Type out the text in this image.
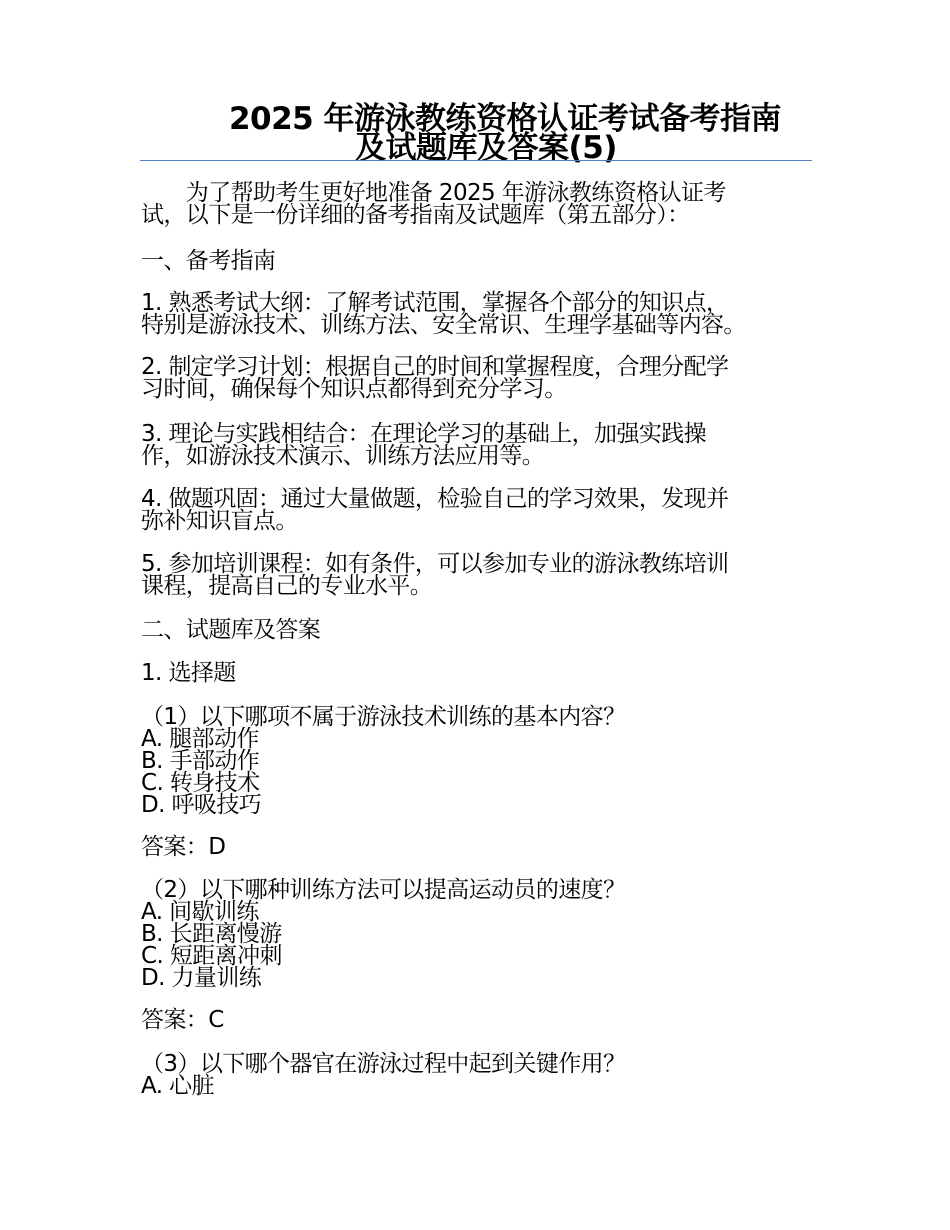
2025 年游泳教练资格认证考试备考指南
及试题库及答案(5)
　　为了帮助考生更好地准备 2025 年游泳教练资格认证考
试，以下是一份详细的备考指南及试题库（第五部分）：
一、备考指南
1. 熟悉考试大纲：了解考试范围，掌握各个部分的知识点，
特别是游泳技术、训练方法、安全常识、生理学基础等内容。
2. 制定学习计划：根据自己的时间和掌握程度，合理分配学
习时间，确保每个知识点都得到充分学习。
3. 理论与实践相结合：在理论学习的基础上，加强实践操
作，如游泳技术演示、训练方法应用等。
4. 做题巩固：通过大量做题，检验自己的学习效果，发现并
弥补知识盲点。
5. 参加培训课程：如有条件，可以参加专业的游泳教练培训
课程，提高自己的专业水平。
二、试题库及答案
1. 选择题
（1）以下哪项不属于游泳技术训练的基本内容？
A. 腿部动作
B. 手部动作
C. 转身技术
D. 呼吸技巧
答案：D
（2）以下哪种训练方法可以提高运动员的速度？
A. 间歇训练
B. 长距离慢游
C. 短距离冲刺
D. 力量训练
答案：C
（3）以下哪个器官在游泳过程中起到关键作用？
A. 心脏
